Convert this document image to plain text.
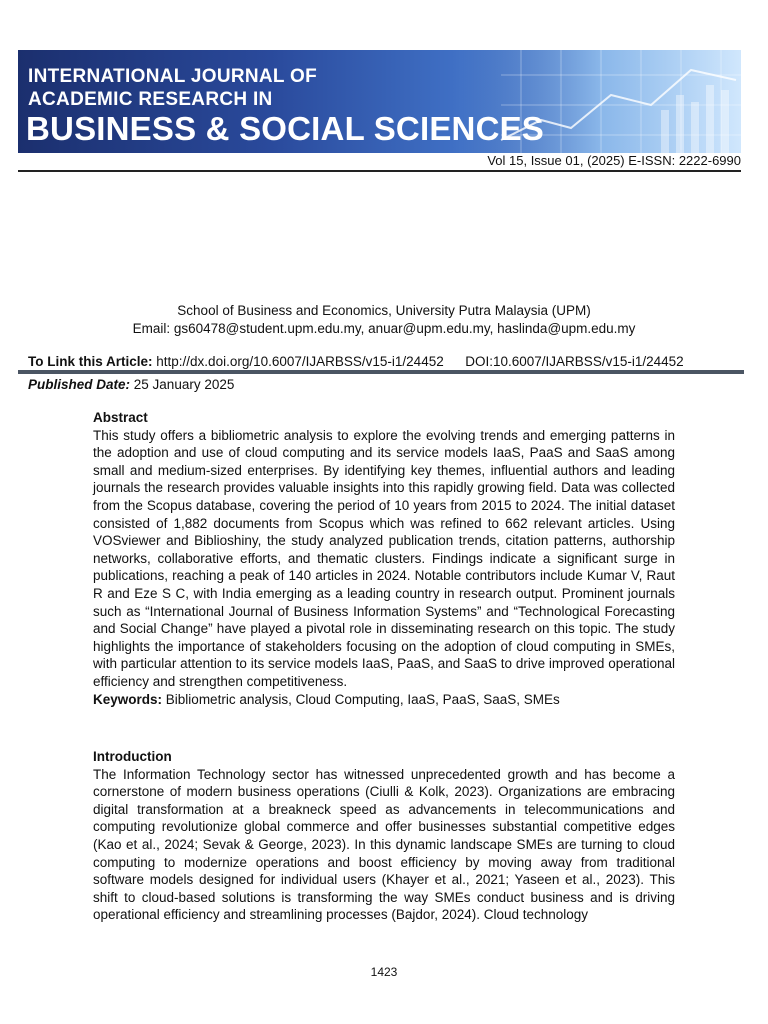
INTERNATIONAL JOURNAL OF
ACADEMIC RESEARCH IN
BUSINESS & SOCIAL SCIENCES
Vol 15, Issue 01, (2025) E-ISSN: 2222-6990
School of Business and Economics, University Putra Malaysia (UPM)
Email: gs60478@student.upm.edu.my, anuar@upm.edu.my, haslinda@upm.edu.my
To Link this Article: http://dx.doi.org/10.6007/IJARBSS/v15-i1/24452 DOI:10.6007/IJARBSS/v15-i1/24452
Published Date: 25 January 2025
Abstract
This study offers a bibliometric analysis to explore the evolving trends and emerging patterns in the adoption and use of cloud computing and its service models IaaS, PaaS and SaaS among small and medium-sized enterprises. By identifying key themes, influential authors and leading journals the research provides valuable insights into this rapidly growing field. Data was collected from the Scopus database, covering the period of 10 years from 2015 to 2024. The initial dataset consisted of 1,882 documents from Scopus which was refined to 662 relevant articles. Using VOSviewer and Biblioshiny, the study analyzed publication trends, citation patterns, authorship networks, collaborative efforts, and thematic clusters. Findings indicate a significant surge in publications, reaching a peak of 140 articles in 2024. Notable contributors include Kumar V, Raut R and Eze S C, with India emerging as a leading country in research output. Prominent journals such as “International Journal of Business Information Systems” and “Technological Forecasting and Social Change” have played a pivotal role in disseminating research on this topic. The study highlights the importance of stakeholders focusing on the adoption of cloud computing in SMEs, with particular attention to its service models IaaS, PaaS, and SaaS to drive improved operational efficiency and strengthen competitiveness.
Keywords: Bibliometric analysis, Cloud Computing, IaaS, PaaS, SaaS, SMEs
Introduction
The Information Technology sector has witnessed unprecedented growth and has become a cornerstone of modern business operations (Ciulli & Kolk, 2023). Organizations are embracing digital transformation at a breakneck speed as advancements in telecommunications and computing revolutionize global commerce and offer businesses substantial competitive edges (Kao et al., 2024; Sevak & George, 2023). In this dynamic landscape SMEs are turning to cloud computing to modernize operations and boost efficiency by moving away from traditional software models designed for individual users (Khayer et al., 2021; Yaseen et al., 2023). This shift to cloud-based solutions is transforming the way SMEs conduct business and is driving operational efficiency and streamlining processes (Bajdor, 2024). Cloud technology
1423
